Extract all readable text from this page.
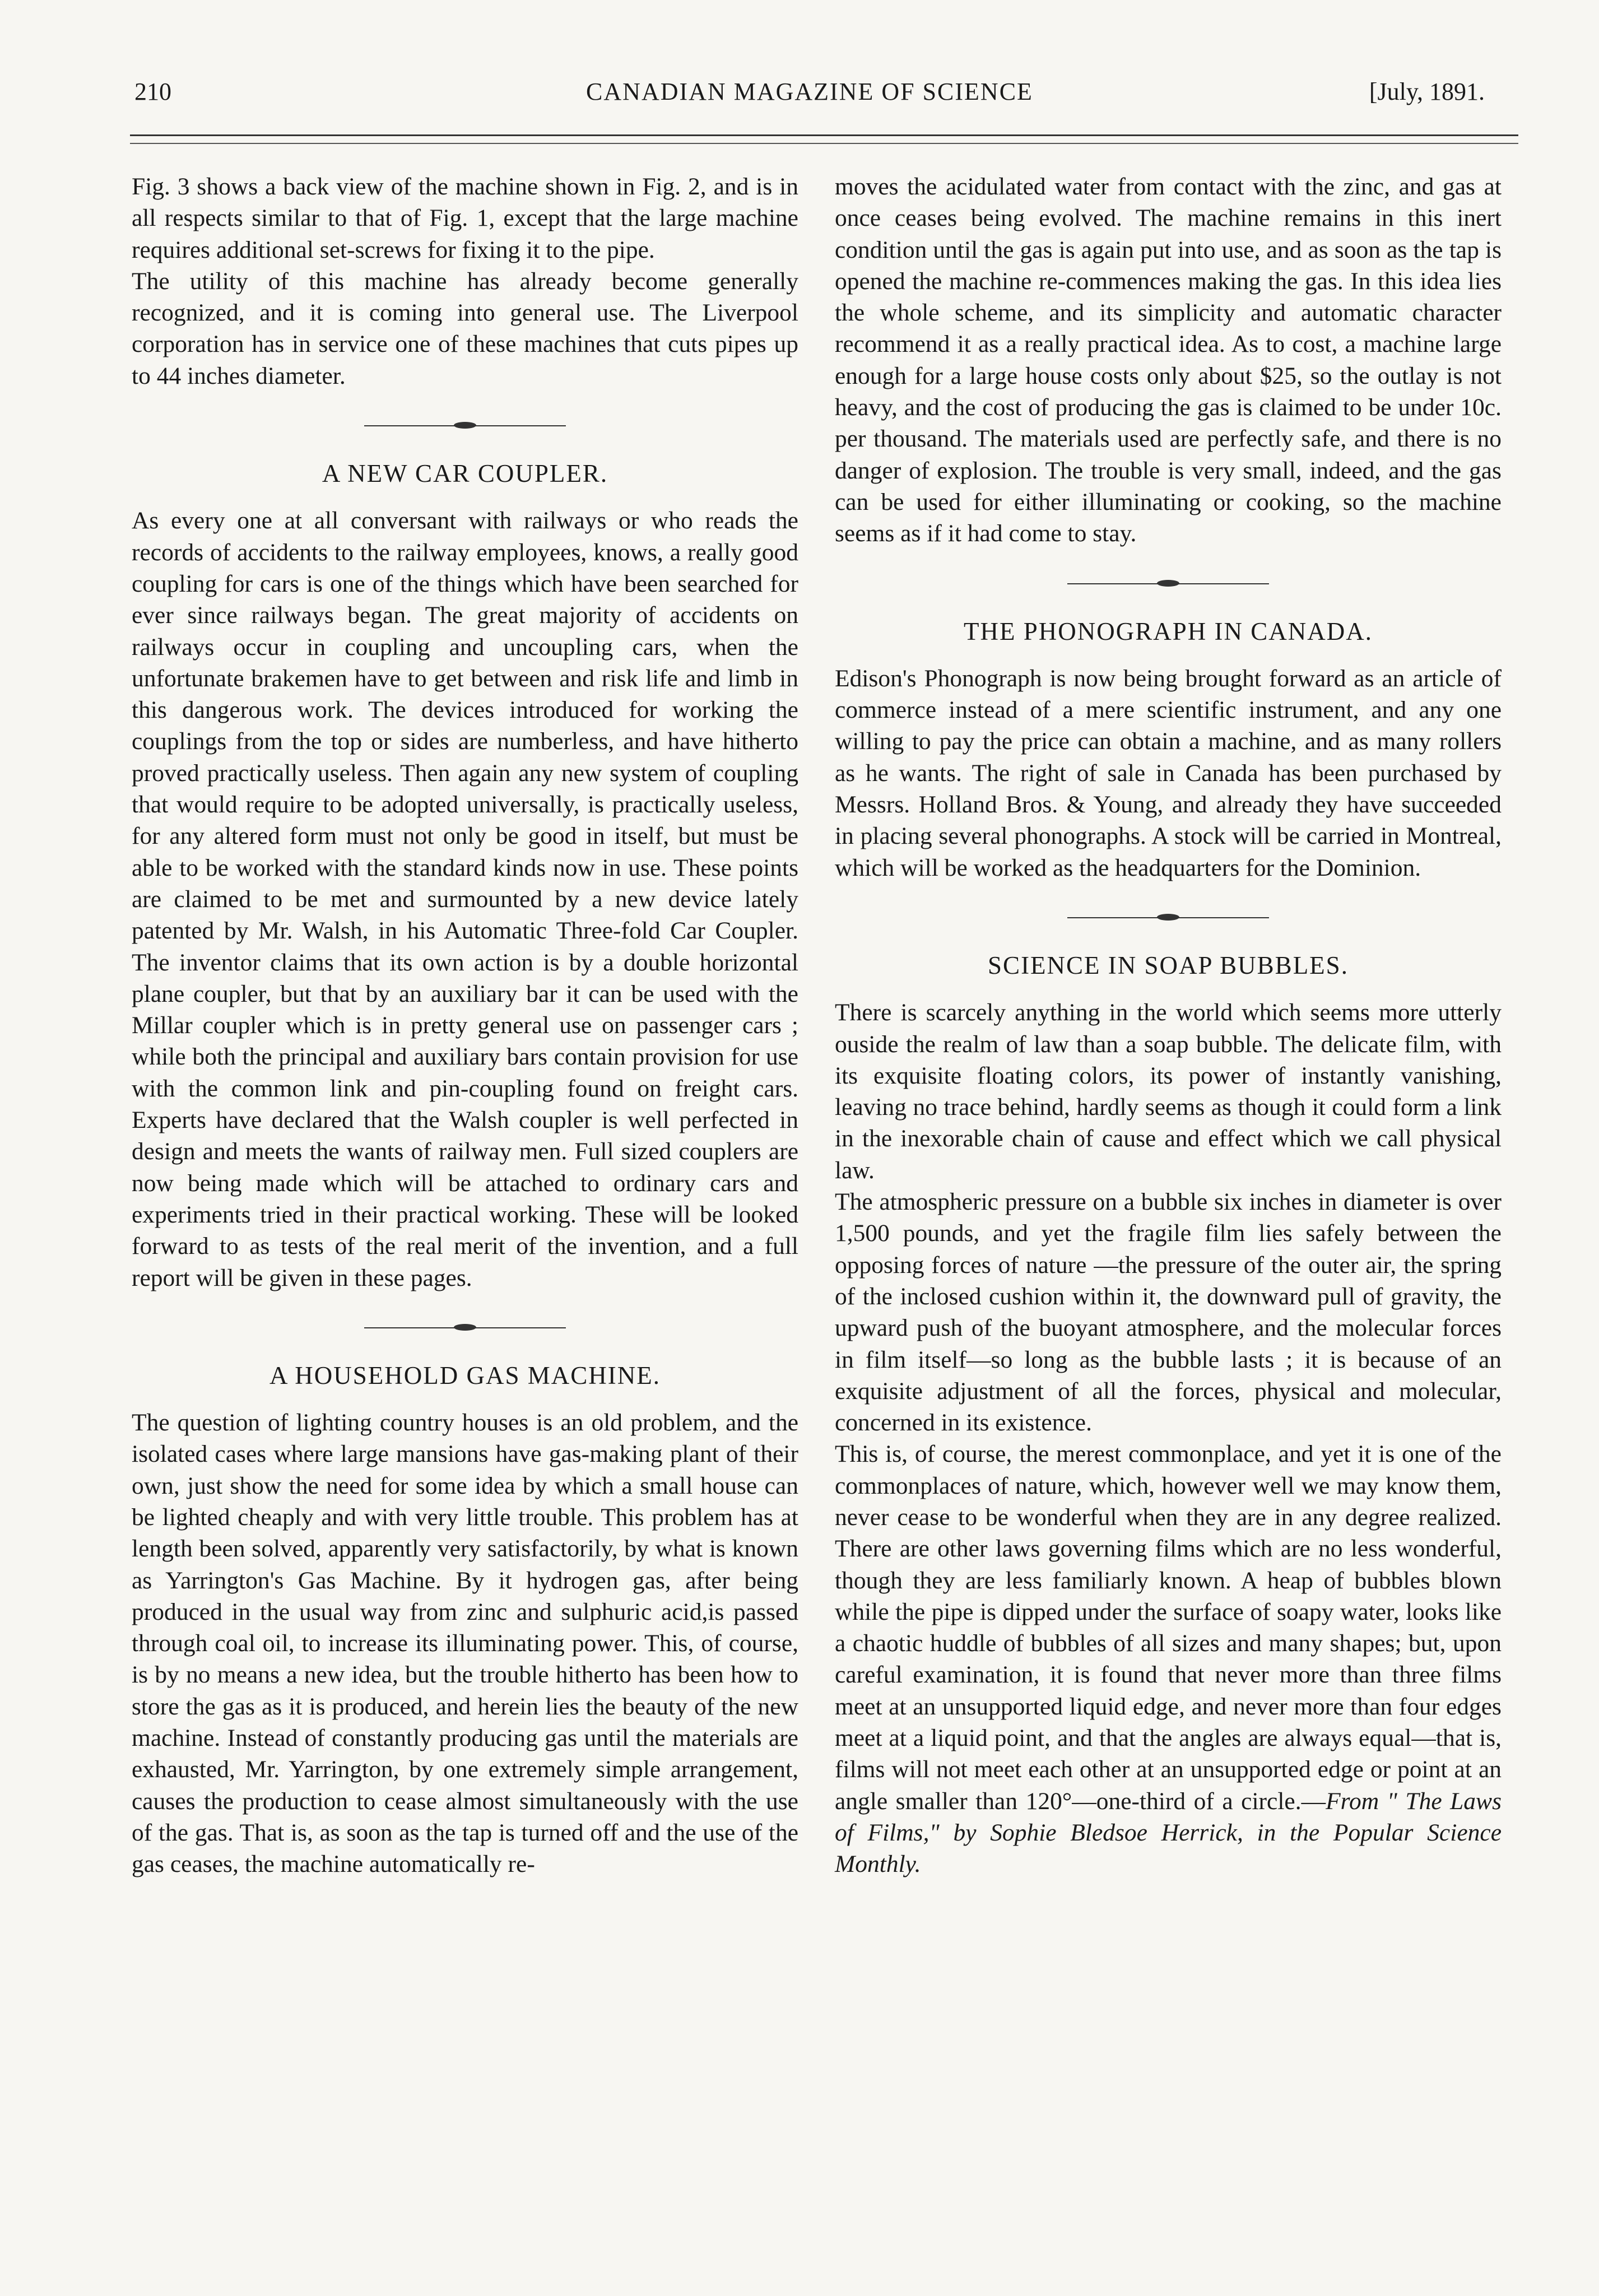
210	CANADIAN MAGAZINE OF SCIENCE	[July, 1891.

Fig. 3 shows a back view of the machine shown in Fig. 2, and is in all respects similar to that of Fig. 1, except that the large machine requires additional set-screws for fixing it to the pipe.

The utility of this machine has already become generally recognized, and it is coming into general use. The Liverpool corporation has in service one of these machines that cuts pipes up to 44 inches diameter.

A NEW CAR COUPLER.

As every one at all conversant with railways or who reads the records of accidents to the railway employees, knows, a really good coupling for cars is one of the things which have been searched for ever since railways began. The great majority of accidents on railways occur in coupling and uncoupling cars, when the unfortunate brakemen have to get between and risk life and limb in this dangerous work. The devices introduced for working the couplings from the top or sides are numberless, and have hitherto proved practically useless. Then again any new system of coupling that would require to be adopted universally, is practically useless, for any altered form must not only be good in itself, but must be able to be worked with the standard kinds now in use. These points are claimed to be met and surmounted by a new device lately patented by Mr. Walsh, in his Automatic Three-fold Car Coupler. The inventor claims that its own action is by a double horizontal plane coupler, but that by an auxiliary bar it can be used with the Millar coupler which is in pretty general use on passenger cars ; while both the principal and auxiliary bars contain provision for use with the common link and pin-coupling found on freight cars. Experts have declared that the Walsh coupler is well perfected in design and meets the wants of railway men. Full sized couplers are now being made which will be attached to ordinary cars and experiments tried in their practical working. These will be looked forward to as tests of the real merit of the invention, and a full report will be given in these pages.

A HOUSEHOLD GAS MACHINE.

The question of lighting country houses is an old problem, and the isolated cases where large mansions have gas-making plant of their own, just show the need for some idea by which a small house can be lighted cheaply and with very little trouble. This problem has at length been solved, apparently very satisfactorily, by what is known as Yarrington's Gas Machine. By it hydrogen gas, after being produced in the usual way from zinc and sulphuric acid,is passed through coal oil, to increase its illuminating power. This, of course, is by no means a new idea, but the trouble hitherto has been how to store the gas as it is produced, and herein lies the beauty of the new machine. Instead of constantly producing gas until the materials are exhausted, Mr. Yarrington, by one extremely simple arrangement, causes the production to cease almost simultaneously with the use of the gas. That is, as soon as the tap is turned off and the use of the gas ceases, the machine automatically re-

moves the acidulated water from contact with the zinc, and gas at once ceases being evolved. The machine remains in this inert condition until the gas is again put into use, and as soon as the tap is opened the machine re-commences making the gas. In this idea lies the whole scheme, and its simplicity and automatic character recommend it as a really practical idea. As to cost, a machine large enough for a large house costs only about $25, so the outlay is not heavy, and the cost of producing the gas is claimed to be under 10c. per thousand. The materials used are perfectly safe, and there is no danger of explosion. The trouble is very small, indeed, and the gas can be used for either illuminating or cooking, so the machine seems as if it had come to stay.

THE PHONOGRAPH IN CANADA.

Edison's Phonograph is now being brought forward as an article of commerce instead of a mere scientific instrument, and any one willing to pay the price can obtain a machine, and as many rollers as he wants. The right of sale in Canada has been purchased by Messrs. Holland Bros. & Young, and already they have succeeded in placing several phonographs. A stock will be carried in Montreal, which will be worked as the headquarters for the Dominion.

SCIENCE IN SOAP BUBBLES.

There is scarcely anything in the world which seems more utterly ouside the realm of law than a soap bubble. The delicate film, with its exquisite floating colors, its power of instantly vanishing, leaving no trace behind, hardly seems as though it could form a link in the inexorable chain of cause and effect which we call physical law.

The atmospheric pressure on a bubble six inches in diameter is over 1,500 pounds, and yet the fragile film lies safely between the opposing forces of nature —the pressure of the outer air, the spring of the inclosed cushion within it, the downward pull of gravity, the upward push of the buoyant atmosphere, and the molecular forces in film itself—so long as the bubble lasts ; it is because of an exquisite adjustment of all the forces, physical and molecular, concerned in its existence.

This is, of course, the merest commonplace, and yet it is one of the commonplaces of nature, which, however well we may know them, never cease to be wonderful when they are in any degree realized. There are other laws governing films which are no less wonderful, though they are less familiarly known. A heap of bubbles blown while the pipe is dipped under the surface of soapy water, looks like a chaotic huddle of bubbles of all sizes and many shapes; but, upon careful examination, it is found that never more than three films meet at an unsupported liquid edge, and never more than four edges meet at a liquid point, and that the angles are always equal—that is, films will not meet each other at an unsupported edge or point at an angle smaller than 120°—one-third of a circle.—From " The Laws of Films," by Sophie Bledsoe Herrick, in the Popular Science Monthly.
